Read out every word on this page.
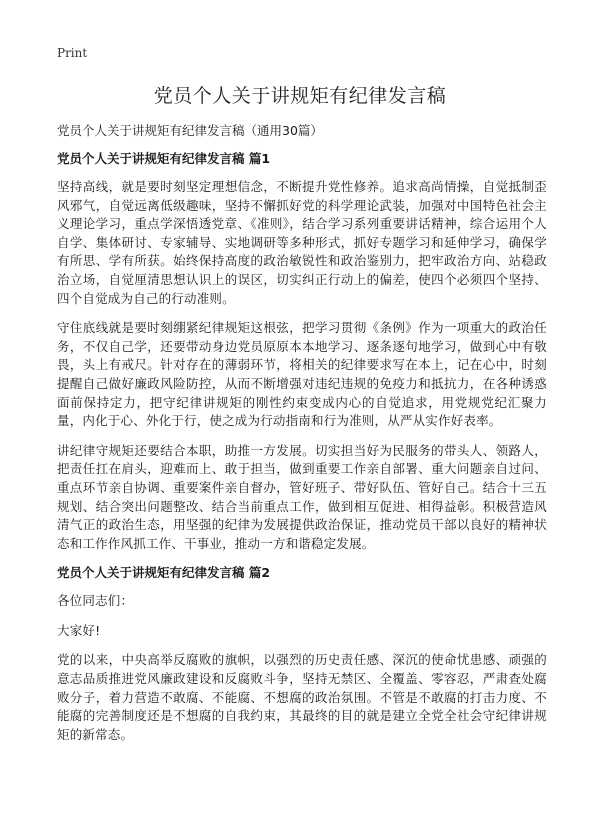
Print
党员个人关于讲规矩有纪律发言稿

党员个人关于讲规矩有纪律发言稿（通用30篇）

党员个人关于讲规矩有纪律发言稿 篇1

坚持高线，就是要时刻坚定理想信念，不断提升党性修养。追求高尚情操，自觉抵制歪风邪气，自觉远离低级趣味，坚持不懈抓好党的科学理论武装，加强对中国特色社会主义理论学习，重点学深悟透党章、《准则》，结合学习系列重要讲话精神，综合运用个人自学、集体研讨、专家辅导、实地调研等多种形式，抓好专题学习和延伸学习，确保学有所思、学有所获。始终保持高度的政治敏锐性和政治鉴别力，把牢政治方向、站稳政治立场，自觉厘清思想认识上的误区，切实纠正行动上的偏差，使四个必须四个坚持、四个自觉成为自己的行动准则。

守住底线就是要时刻绷紧纪律规矩这根弦，把学习贯彻《条例》作为一项重大的政治任务，不仅自己学，还要带动身边党员原原本本地学习、逐条逐句地学习，做到心中有敬畏，头上有戒尺。针对存在的薄弱环节，将相关的纪律要求写在本上，记在心中，时刻提醒自己做好廉政风险防控，从而不断增强对违纪违规的免疫力和抵抗力，在各种诱惑面前保持定力，把守纪律讲规矩的刚性约束变成内心的自觉追求，用党规党纪汇聚力量，内化于心、外化于行，使之成为行动指南和行为准则，从严从实作好表率。

讲纪律守规矩还要结合本职，助推一方发展。切实担当好为民服务的带头人、领路人，把责任扛在肩头，迎难而上、敢于担当，做到重要工作亲自部署、重大问题亲自过问、重点环节亲自协调、重要案件亲自督办，管好班子、带好队伍、管好自己。结合十三五规划、结合突出问题整改、结合当前重点工作，做到相互促进、相得益彰。积极营造风清气正的政治生态，用坚强的纪律为发展提供政治保证，推动党员干部以良好的精神状态和工作作风抓工作、干事业，推动一方和谐稳定发展。

党员个人关于讲规矩有纪律发言稿 篇2

各位同志们：

大家好!

党的以来，中央高举反腐败的旗帜，以强烈的历史责任感、深沉的使命忧患感、顽强的意志品质推进党风廉政建设和反腐败斗争，坚持无禁区、全覆盖、零容忍，严肃查处腐败分子，着力营造不敢腐、不能腐、不想腐的政治氛围。不管是不敢腐的打击力度、不能腐的完善制度还是不想腐的自我约束，其最终的目的就是建立全党全社会守纪律讲规矩的新常态。
